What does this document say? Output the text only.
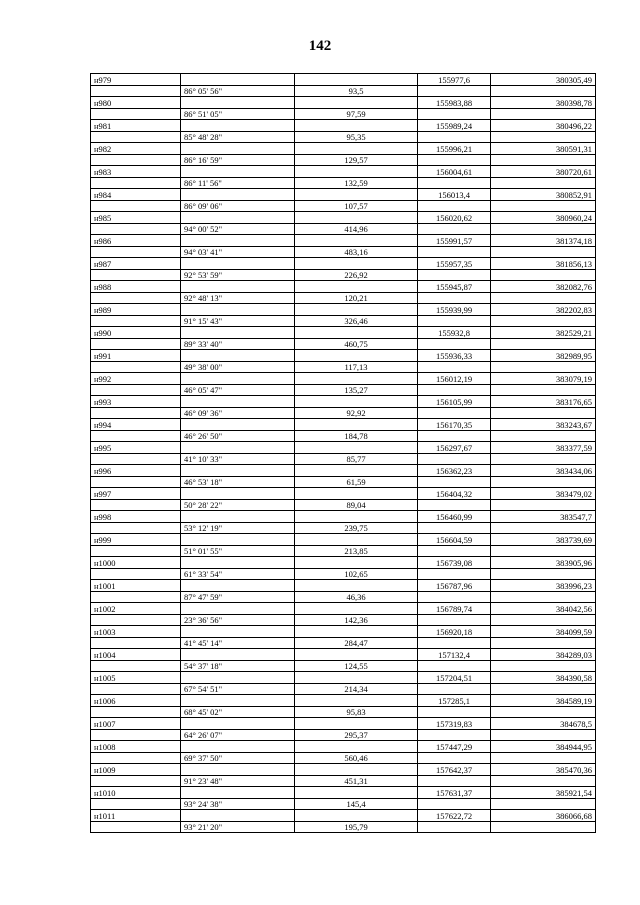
142
н979			155977,6	380305,49
	86° 05' 56"	93,5		
н980			155983,88	380398,78
	86° 51' 05"	97,59		
н981			155989,24	380496,22
	85° 48' 28"	95,35		
н982			155996,21	380591,31
	86° 16' 59"	129,57		
н983			156004,61	380720,61
	86° 11' 56"	132,59		
н984			156013,4	380852,91
	86° 09' 06"	107,57		
н985			156020,62	380960,24
	94° 00' 52"	414,96		
н986			155991,57	381374,18
	94° 03' 41"	483,16		
н987			155957,35	381856,13
	92° 53' 59"	226,92		
н988			155945,87	382082,76
	92° 48' 13"	120,21		
н989			155939,99	382202,83
	91° 15' 43"	326,46		
н990			155932,8	382529,21
	89° 33' 40"	460,75		
н991			155936,33	382989,95
	49° 38' 00"	117,13		
н992			156012,19	383079,19
	46° 05' 47"	135,27		
н993			156105,99	383176,65
	46° 09' 36"	92,92		
н994			156170,35	383243,67
	46° 26' 50"	184,78		
н995			156297,67	383377,59
	41° 10' 33"	85,77		
н996			156362,23	383434,06
	46° 53' 18"	61,59		
н997			156404,32	383479,02
	50° 28' 22"	89,04		
н998			156460,99	383547,7
	53° 12' 19"	239,75		
н999			156604,59	383739,69
	51° 01' 55"	213,85		
н1000			156739,08	383905,96
	61° 33' 54"	102,65		
н1001			156787,96	383996,23
	87° 47' 59"	46,36		
н1002			156789,74	384042,56
	23° 36' 56"	142,36		
н1003			156920,18	384099,59
	41° 45' 14"	284,47		
н1004			157132,4	384289,03
	54° 37' 18"	124,55		
н1005			157204,51	384390,58
	67° 54' 51"	214,34		
н1006			157285,1	384589,19
	68° 45' 02"	95,83		
н1007			157319,83	384678,5
	64° 26' 07"	295,37		
н1008			157447,29	384944,95
	69° 37' 50"	560,46		
н1009			157642,37	385470,36
	91° 23' 48"	451,31		
н1010			157631,37	385921,54
	93° 24' 38"	145,4		
н1011			157622,72	386066,68
	93° 21' 20"	195,79		
